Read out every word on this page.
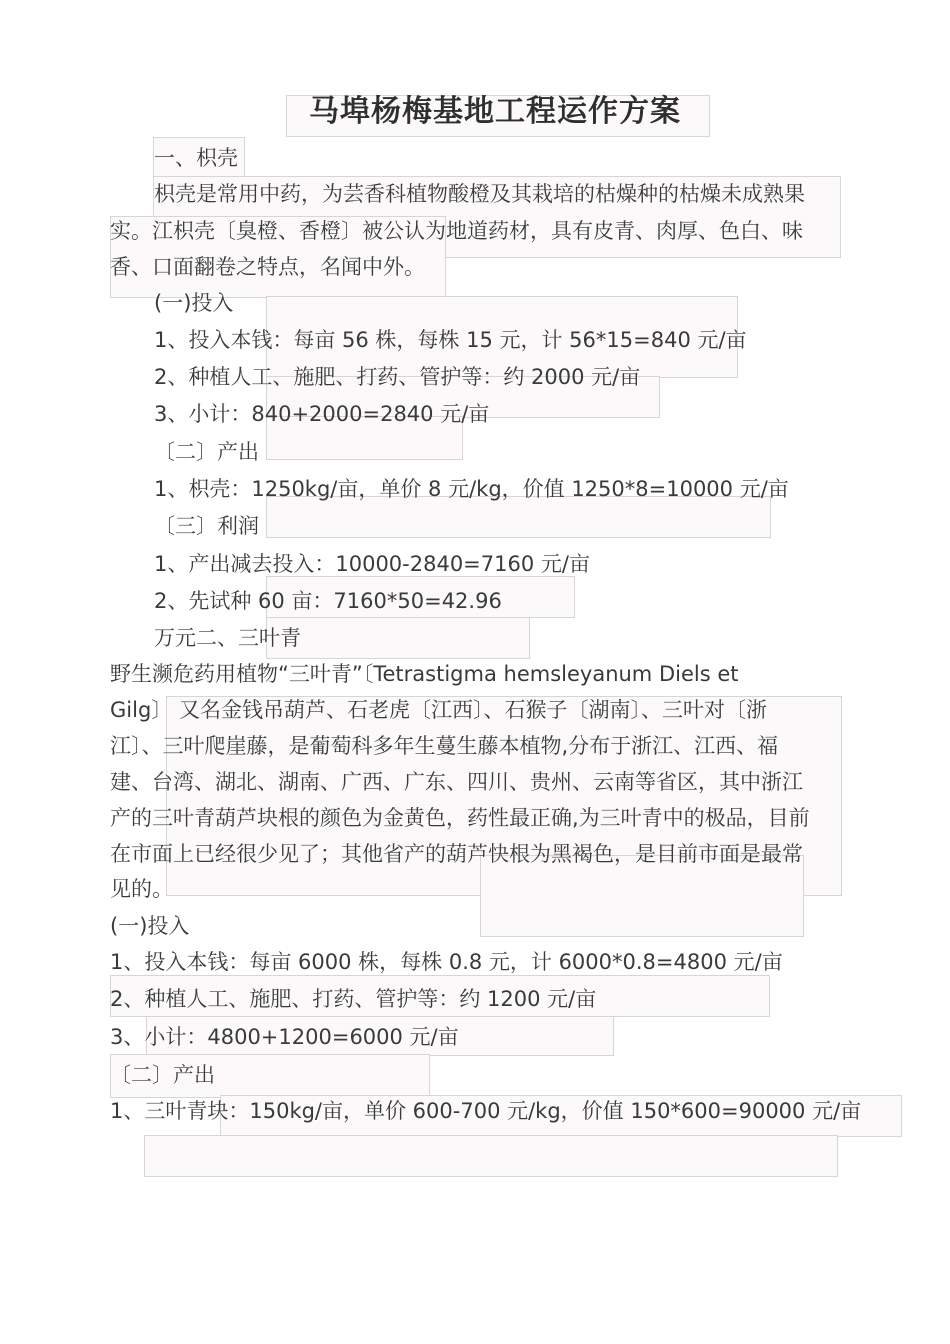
马埠杨梅基地工程运作方案
一、枳壳
枳壳是常用中药，为芸香科植物酸橙及其栽培的枯燥种的枯燥未成熟果
实。江枳壳〔臭橙、香橙〕被公认为地道药材，具有皮青、肉厚、色白、味
香、口面翻卷之特点，名闻中外。
(一)投入
1、投入本钱：每亩 56 株，每株 15 元，计 56*15=840 元/亩
2、种植人工、施肥、打药、管护等：约 2000 元/亩
3、小计：840+2000=2840 元/亩
〔二〕产出
1、枳壳：1250kg/亩，单价 8 元/kg，价值 1250*8=10000 元/亩
〔三〕利润
1、产出减去投入：10000-2840=7160 元/亩
2、先试种 60 亩：7160*50=42.96
万元二、三叶青
野生濒危药用植物“三叶青”〔Tetrastigma hemsleyanum Diels et
Gilg〕 又名金钱吊葫芦、石老虎〔江西〕、石猴子〔湖南〕、三叶对〔浙
江〕、三叶爬崖藤，是葡萄科多年生蔓生藤本植物,分布于浙江、江西、福
建、台湾、湖北、湖南、广西、广东、四川、贵州、云南等省区，其中浙江
产的三叶青葫芦块根的颜色为金黄色，药性最正确,为三叶青中的极品，目前
在市面上已经很少见了；其他省产的葫芦快根为黑褐色，是目前市面是最常
见的。
(一)投入
1、投入本钱：每亩 6000 株，每株 0.8 元，计 6000*0.8=4800 元/亩
2、种植人工、施肥、打药、管护等：约 1200 元/亩
3、小计：4800+1200=6000 元/亩
〔二〕产出
1、三叶青块：150kg/亩，单价 600-700 元/kg，价值 150*600=90000 元/亩
